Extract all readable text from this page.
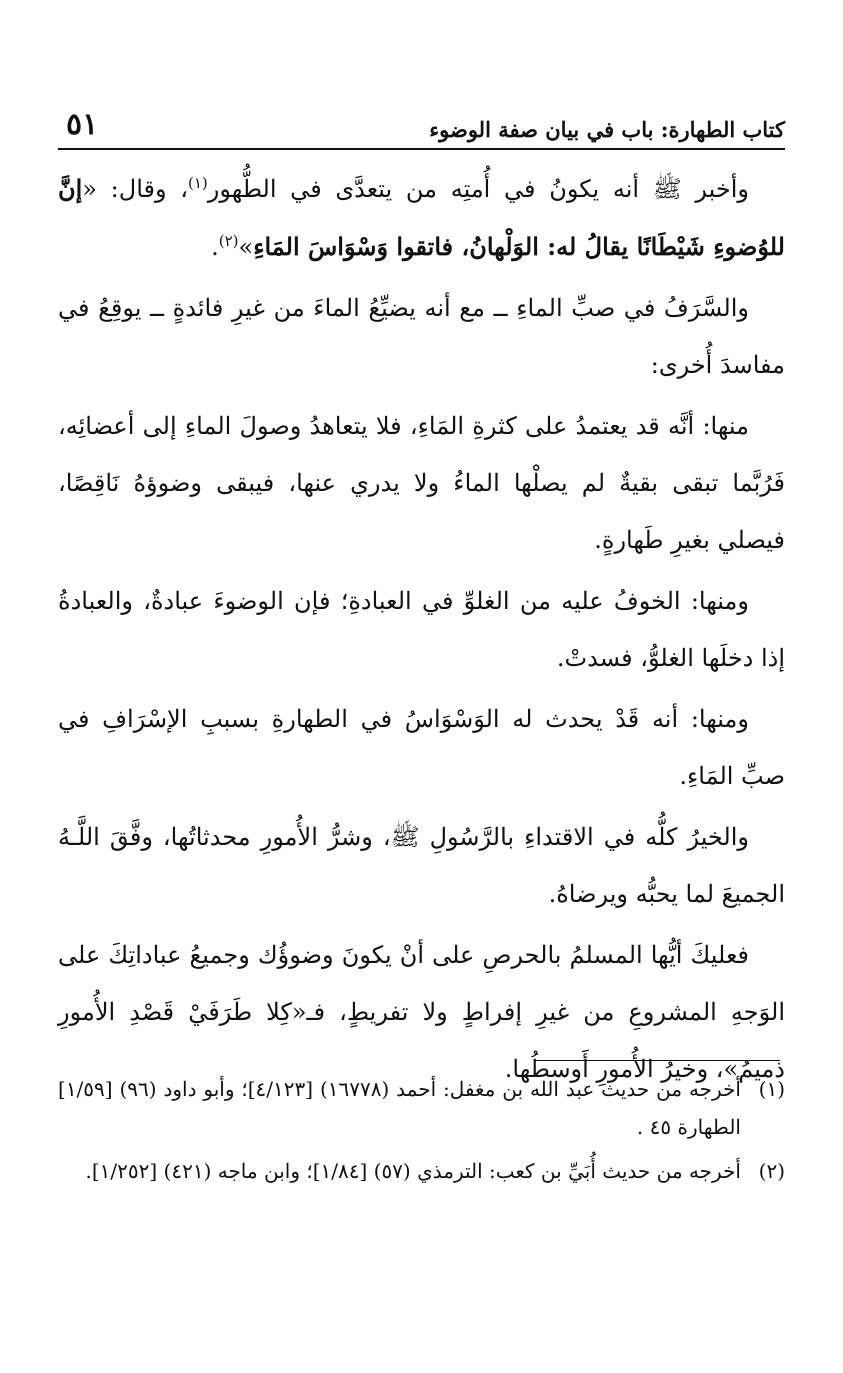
كتاب الطهارة: باب في بيان صفة الوضوء
٥١

وأخبر ﷺ أنه يكونُ في أُمتِه من يتعدَّى في الطُّهور$^{(١)}$، وقال: «إنَّ للوُضوءِ شَيْطَانًا يقالُ له: الوَلْهانُ، فاتقوا وَسْوَاسَ المَاءِ»$^{(٢)}$.

والسَّرَفُ في صبِّ الماءِ ــ مع أنه يضيِّعُ الماءَ من غيرِ فائدةٍ ــ يوقِعُ في مفاسدَ أُخرى:

منها: أنَّه قد يعتمدُ على كثرةِ المَاءِ، فلا يتعاهدُ وصولَ الماءِ إلى أعضائِه، فَرُبَّما تبقى بقيةٌ لم يصلْها الماءُ ولا يدري عنها، فيبقى وضوؤهُ نَاقِصًا، فيصلي بغيرِ طَهارةٍ.

ومنها: الخوفُ عليه من الغلوِّ في العبادةِ؛ فإن الوضوءَ عبادةٌ، والعبادةُ إذا دخلَها الغلوُّ، فسدتْ.

ومنها: أنه قَدْ يحدث له الوَسْوَاسُ في الطهارةِ بسببِ الإسْرَافِ في صبِّ المَاءِ.

والخيرُ كلُّه في الاقتداءِ بالرَّسُولِ ﷺ، وشرُّ الأُمورِ محدثاتُها، وفَّقَ اللَّـهُ الجميعَ لما يحبُّه ويرضاهُ.

فعليكَ أيُّها المسلمُ بالحرصِ على أنْ يكونَ وضوؤُك وجميعُ عباداتِكَ على الوَجهِ المشروعِ من غيرِ إفراطٍ ولا تفريطٍ، فـ«كِلا طَرَفَيْ قَصْدِ الأُمورِ ذميمُ»، وخيرُ الأُمورِ أَوسطُها.

(١)
أخرجه من حديث عبد الله بن مغفل: أحمد (١٦٧٧٨) [٤/١٢٣]؛ وأبو داود (٩٦) [١/٥٩] الطهارة ٤٥ .
(٢)
أخرجه من حديث أُبَيِّ بن كعب: الترمذي (٥٧) [١/٨٤]؛ وابن ماجه (٤٢١) [١/٢٥٢].
